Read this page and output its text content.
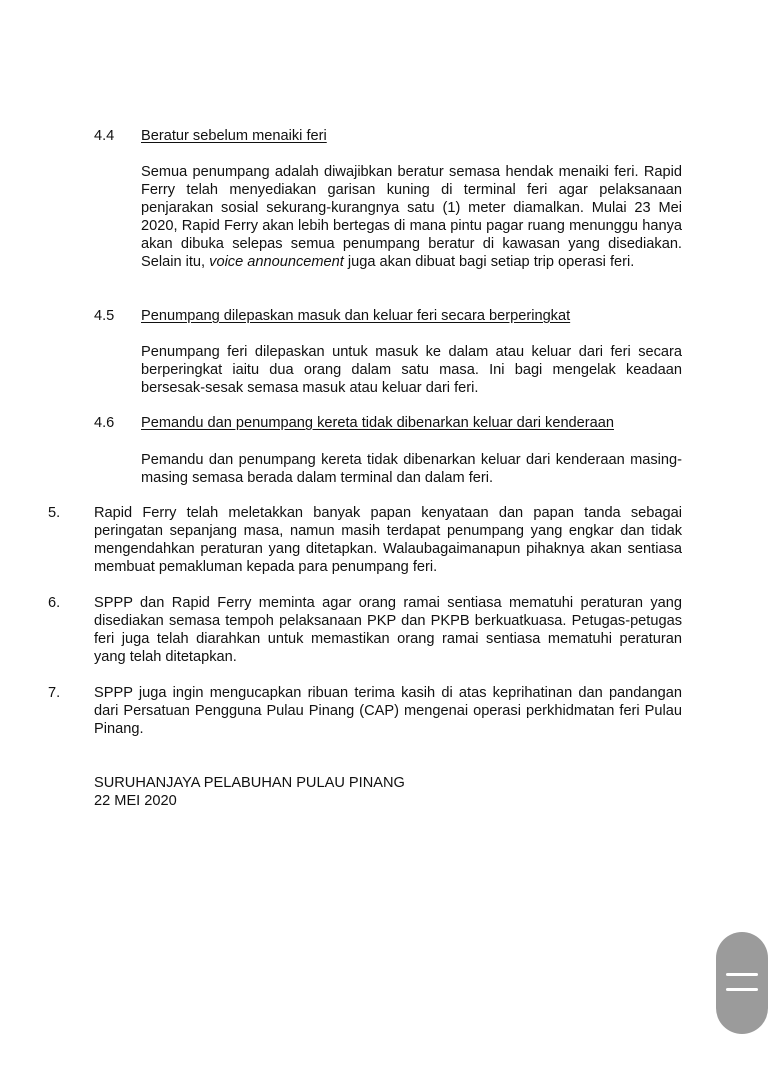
4.4 Beratur sebelum menaiki feri

Semua penumpang adalah diwajibkan beratur semasa hendak menaiki feri. Rapid Ferry telah menyediakan garisan kuning di terminal feri agar pelaksanaan penjarakan sosial sekurang-kurangnya satu (1) meter diamalkan. Mulai 23 Mei 2020, Rapid Ferry akan lebih bertegas di mana pintu pagar ruang menunggu hanya akan dibuka selepas semua penumpang beratur di kawasan yang disediakan. Selain itu, voice announcement juga akan dibuat bagi setiap trip operasi feri.

4.5 Penumpang dilepaskan masuk dan keluar feri secara berperingkat

Penumpang feri dilepaskan untuk masuk ke dalam atau keluar dari feri secara berperingkat iaitu dua orang dalam satu masa. Ini bagi mengelak keadaan bersesak-sesak semasa masuk atau keluar dari feri.

4.6 Pemandu dan penumpang kereta tidak dibenarkan keluar dari kenderaan

Pemandu dan penumpang kereta tidak dibenarkan keluar dari kenderaan masing-masing semasa berada dalam terminal dan dalam feri.

5. Rapid Ferry telah meletakkan banyak papan kenyataan dan papan tanda sebagai peringatan sepanjang masa, namun masih terdapat penumpang yang engkar dan tidak mengendahkan peraturan yang ditetapkan. Walaubagaimanapun pihaknya akan sentiasa membuat pemakluman kepada para penumpang feri.
6. SPPP dan Rapid Ferry meminta agar orang ramai sentiasa mematuhi peraturan yang disediakan semasa tempoh pelaksanaan PKP dan PKPB berkuatkuasa. Petugas-petugas feri juga telah diarahkan untuk memastikan orang ramai sentiasa mematuhi peraturan yang telah ditetapkan.
7. SPPP juga ingin mengucapkan ribuan terima kasih di atas keprihatinan dan pandangan dari Persatuan Pengguna Pulau Pinang (CAP) mengenai operasi perkhidmatan feri Pulau Pinang.
SURUHANJAYA PELABUHAN PULAU PINANG
22 MEI 2020
